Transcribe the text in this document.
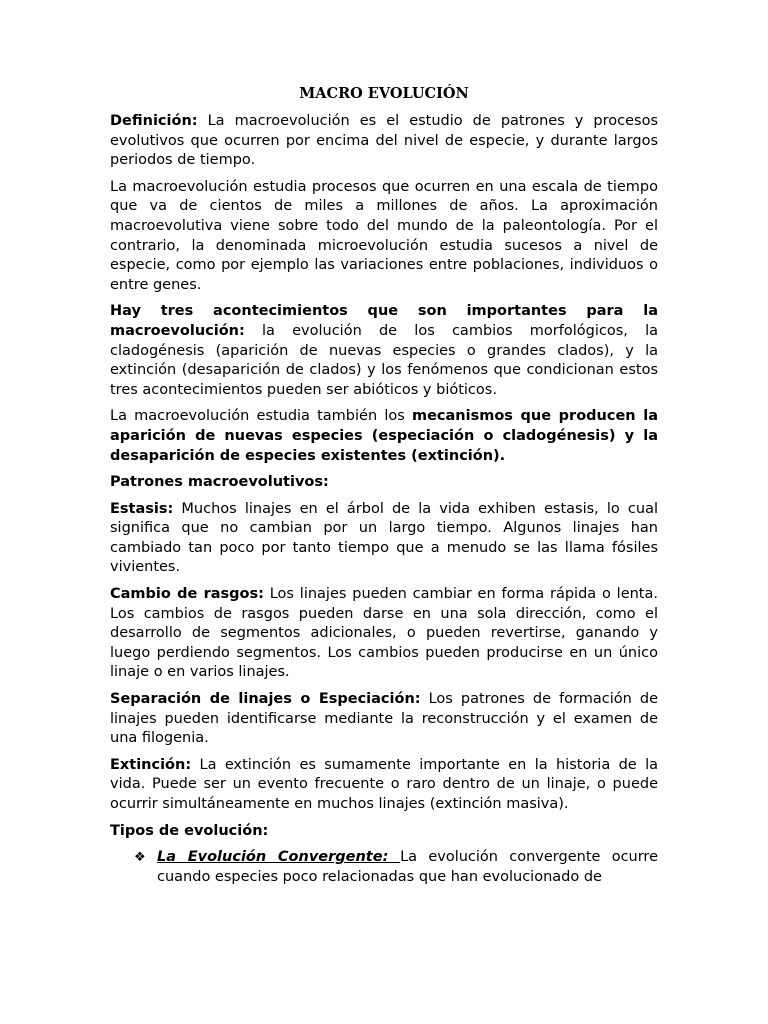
MACRO EVOLUCIÓN

Definición: La macroevolución es el estudio de patrones y procesos evolutivos que ocurren por encima del nivel de especie, y durante largos periodos de tiempo.

La macroevolución estudia procesos que ocurren en una escala de tiempo que va de cientos de miles a millones de años. La aproximación macroevolutiva viene sobre todo del mundo de la paleontología. Por el contrario, la denominada microevolución estudia sucesos a nivel de especie, como por ejemplo las variaciones entre poblaciones, individuos o entre genes.

Hay tres acontecimientos que son importantes para la macroevolución: la evolución de los cambios morfológicos, la cladogénesis (aparición de nuevas especies o grandes clados), y la extinción (desaparición de clados) y los fenómenos que condicionan estos tres acontecimientos pueden ser abióticos y bióticos.

La macroevolución estudia también los mecanismos que producen la aparición de nuevas especies (especiación o cladogénesis) y la desaparición de especies existentes (extinción).

Patrones macroevolutivos:

Estasis: Muchos linajes en el árbol de la vida exhiben estasis, lo cual significa que no cambian por un largo tiempo. Algunos linajes han cambiado tan poco por tanto tiempo que a menudo se las llama fósiles vivientes.

Cambio de rasgos: Los linajes pueden cambiar en forma rápida o lenta. Los cambios de rasgos pueden darse en una sola dirección, como el desarrollo de segmentos adicionales, o pueden revertirse, ganando y luego perdiendo segmentos. Los cambios pueden producirse en un único linaje o en varios linajes.

Separación de linajes o Especiación: Los patrones de formación de linajes pueden identificarse mediante la reconstrucción y el examen de una filogenia.

Extinción: La extinción es sumamente importante en la historia de la vida. Puede ser un evento frecuente o raro dentro de un linaje, o puede ocurrir simultáneamente en muchos linajes (extinción masiva).

Tipos de evolución:
❖ La Evolución Convergente: La evolución convergente ocurre cuando especies poco relacionadas que han evolucionado de
